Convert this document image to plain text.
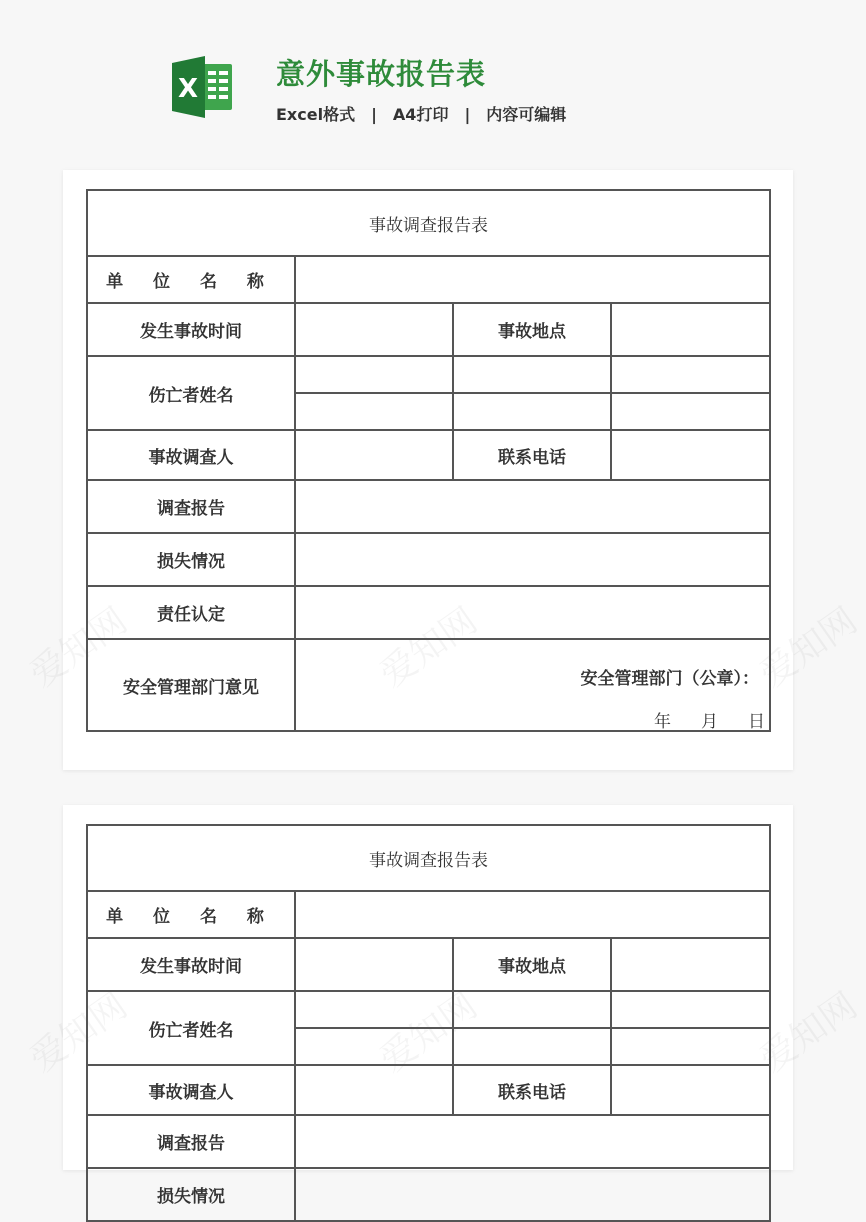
X	意外事故报告表
Excel格式 | A4打印 | 内容可编辑
事故调查报告表			
单 位 名 称			
发生事故时间		事故地点	
伤亡者姓名			

事故调查人		联系电话	
调查报告			
损失情况			
责任认定			
安全管理部门意见	安全管理部门（公章）：
年 月 日		
事故调查报告表			
单 位 名 称			
发生事故时间		事故地点	
伤亡者姓名			

事故调查人		联系电话	
调查报告			
损失情况			
